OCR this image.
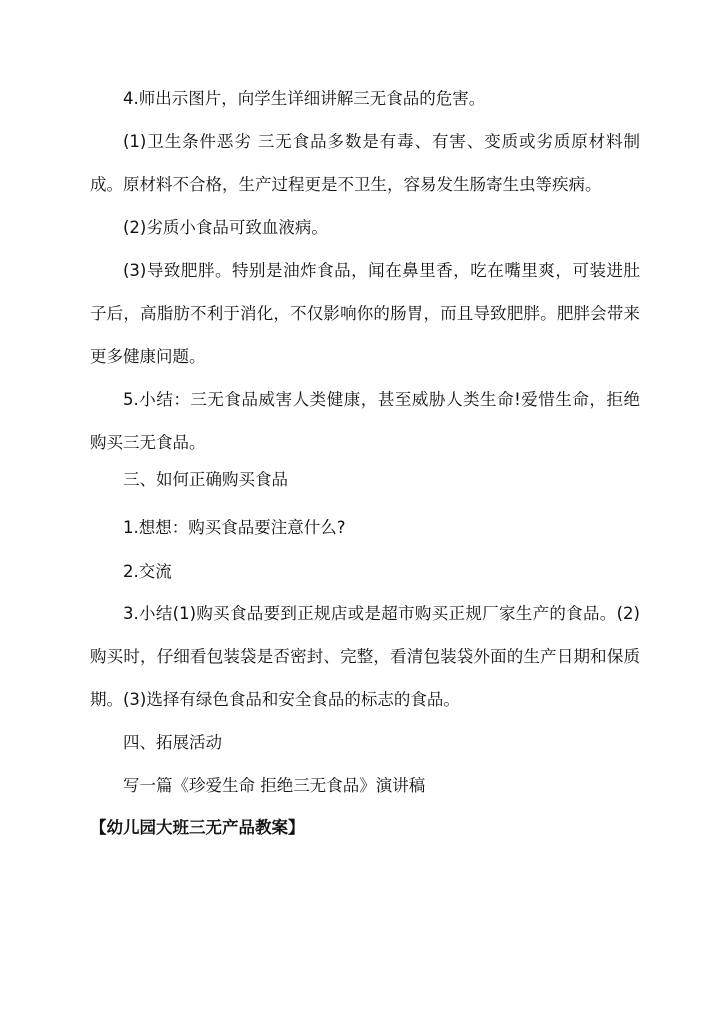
4.师出示图片，向学生详细讲解三无食品的危害。

(1)卫生条件恶劣 三无食品多数是有毒、有害、变质或劣质原材料制成。原材料不合格，生产过程更是不卫生，容易发生肠寄生虫等疾病。

(2)劣质小食品可致血液病。

(3)导致肥胖。特别是油炸食品，闻在鼻里香，吃在嘴里爽，可装进肚子后，高脂肪不利于消化，不仅影响你的肠胃，而且导致肥胖。肥胖会带来更多健康问题。

5.小结：三无食品威害人类健康，甚至威胁人类生命!爱惜生命，拒绝购买三无食品。

三、如何正确购买食品

1.想想：购买食品要注意什么?

2.交流

3.小结(1)购买食品要到正规店或是超市购买正规厂家生产的食品。(2)购买时，仔细看包装袋是否密封、完整，看清包装袋外面的生产日期和保质期。(3)选择有绿色食品和安全食品的标志的食品。

四、拓展活动

写一篇《珍爱生命 拒绝三无食品》演讲稿

【幼儿园大班三无产品教案】
